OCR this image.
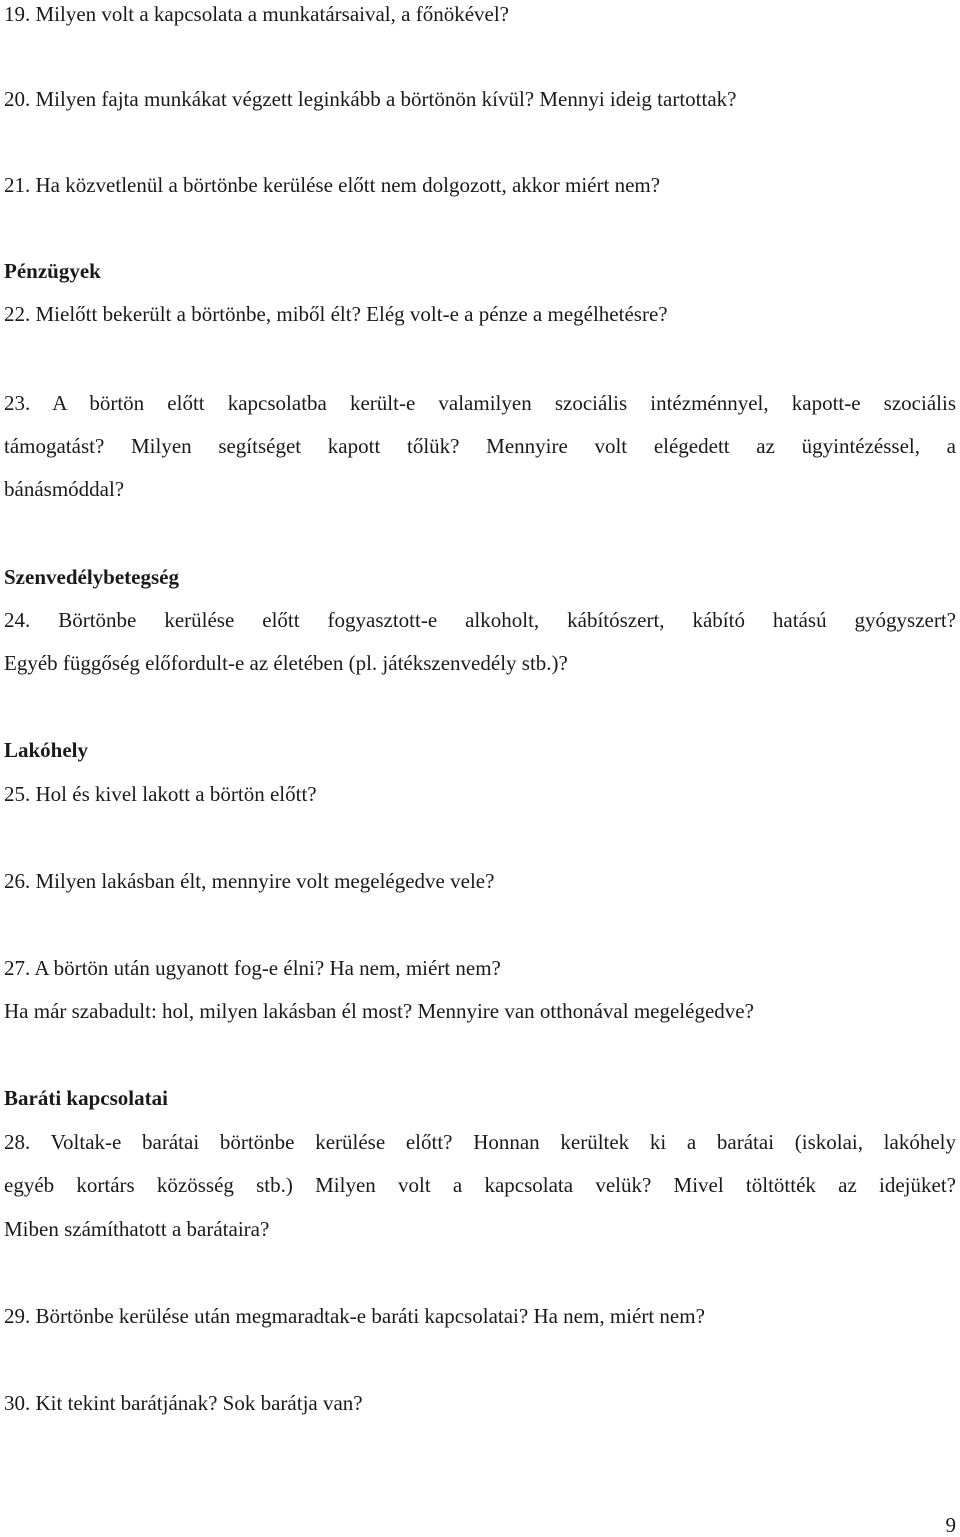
19. Milyen volt a kapcsolata a munkatársaival, a főnökével?
20. Milyen fajta munkákat végzett leginkább a börtönön kívül? Mennyi ideig tartottak?
21. Ha közvetlenül a börtönbe kerülése előtt nem dolgozott, akkor miért nem?
Pénzügyek
22. Mielőtt bekerült a börtönbe, miből élt? Elég volt-e a pénze a megélhetésre?
23. A börtön előtt kapcsolatba került-e valamilyen szociális intézménnyel, kapott-e szociális
támogatást? Milyen segítséget kapott tőlük? Mennyire volt elégedett az ügyintézéssel, a
bánásmóddal?
Szenvedélybetegség
24. Börtönbe kerülése előtt fogyasztott-e alkoholt, kábítószert, kábító hatású gyógyszert?
Egyéb függőség előfordult-e az életében (pl. játékszenvedély stb.)?
Lakóhely
25. Hol és kivel lakott a börtön előtt?
26. Milyen lakásban élt, mennyire volt megelégedve vele?
27. A börtön után ugyanott fog-e élni? Ha nem, miért nem?
Ha már szabadult: hol, milyen lakásban él most? Mennyire van otthonával megelégedve?
Baráti kapcsolatai
28. Voltak-e barátai börtönbe kerülése előtt? Honnan kerültek ki a barátai (iskolai, lakóhely
egyéb kortárs közösség stb.) Milyen volt a kapcsolata velük? Mivel töltötték az idejüket?
Miben számíthatott a barátaira?
29. Börtönbe kerülése után megmaradtak-e baráti kapcsolatai? Ha nem, miért nem?
30. Kit tekint barátjának? Sok barátja van?
9
